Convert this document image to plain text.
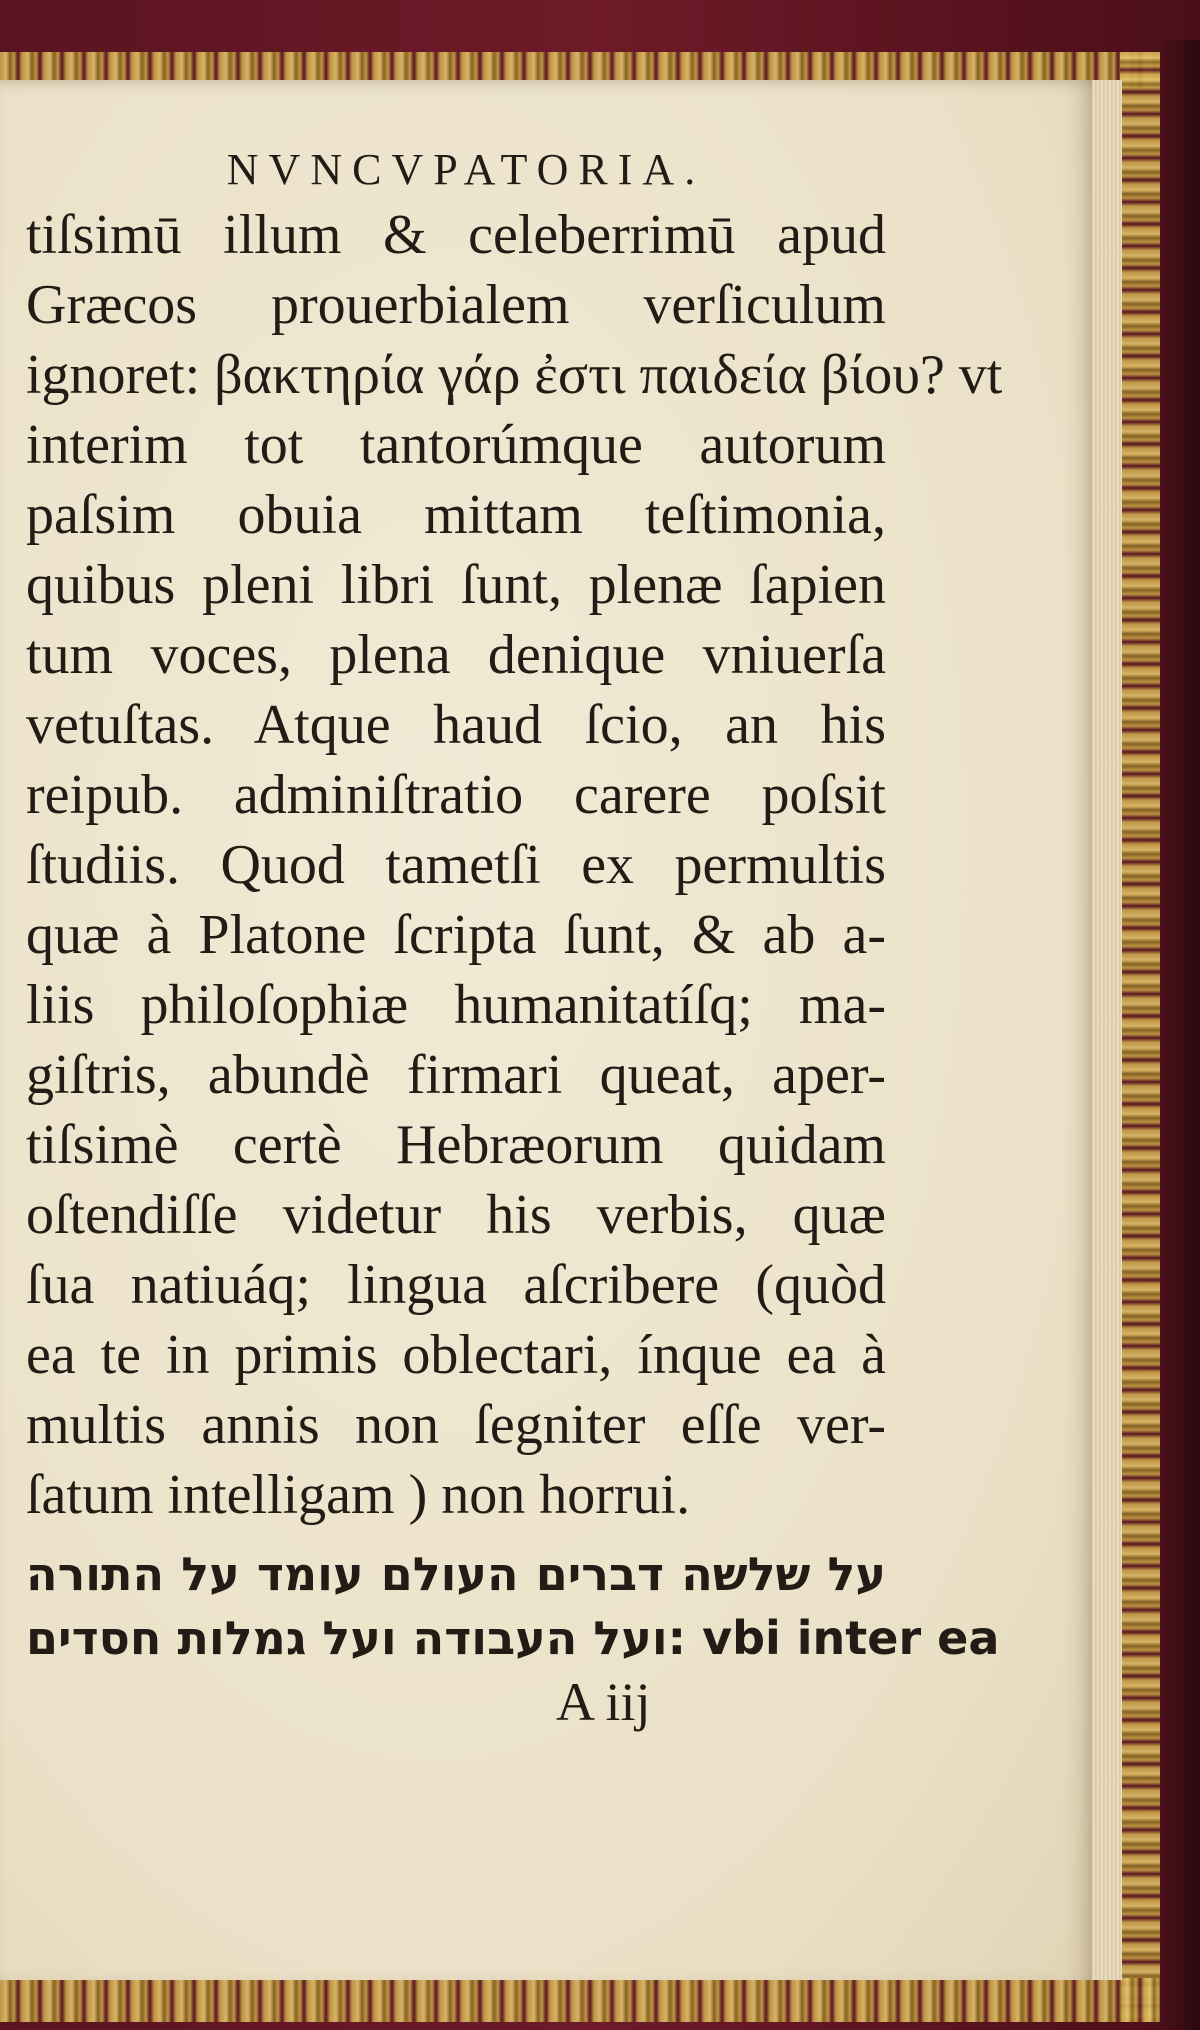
NVNCVPATORIA.
tiſsimū illum & celeberrimū apud
Græcos prouerbialem verſiculum
ignoret: βακτηρία γάρ ἐστι παιδεία βίου? vt
interim tot tantorúmque autorum
paſsim obuia mittam teſtimonia,
quibus pleni libri ſunt, plenæ ſapien
tum voces, plena denique vniuerſa
vetuſtas. Atque haud ſcio, an his
reipub. adminiſtratio carere poſsit
ſtudiis. Quod tametſi ex permultis
quæ à Platone ſcripta ſunt, & ab a-
liis philoſophiæ humanitatíſq; ma-
giſtris, abundè firmari queat, aper-
tiſsimè certè Hebræorum quidam
oſtendiſſe videtur his verbis, quæ
ſua natiuáq; lingua aſcribere (quòd
ea te in primis oblectari, ínque ea à
multis annis non ſegniter eſſe ver-
ſatum intelligam ) non horrui.
על שלשה דברים העולם עומד על התורה
ועל העבודה ועל גמלות חסדים: vbi inter ea
A iij
